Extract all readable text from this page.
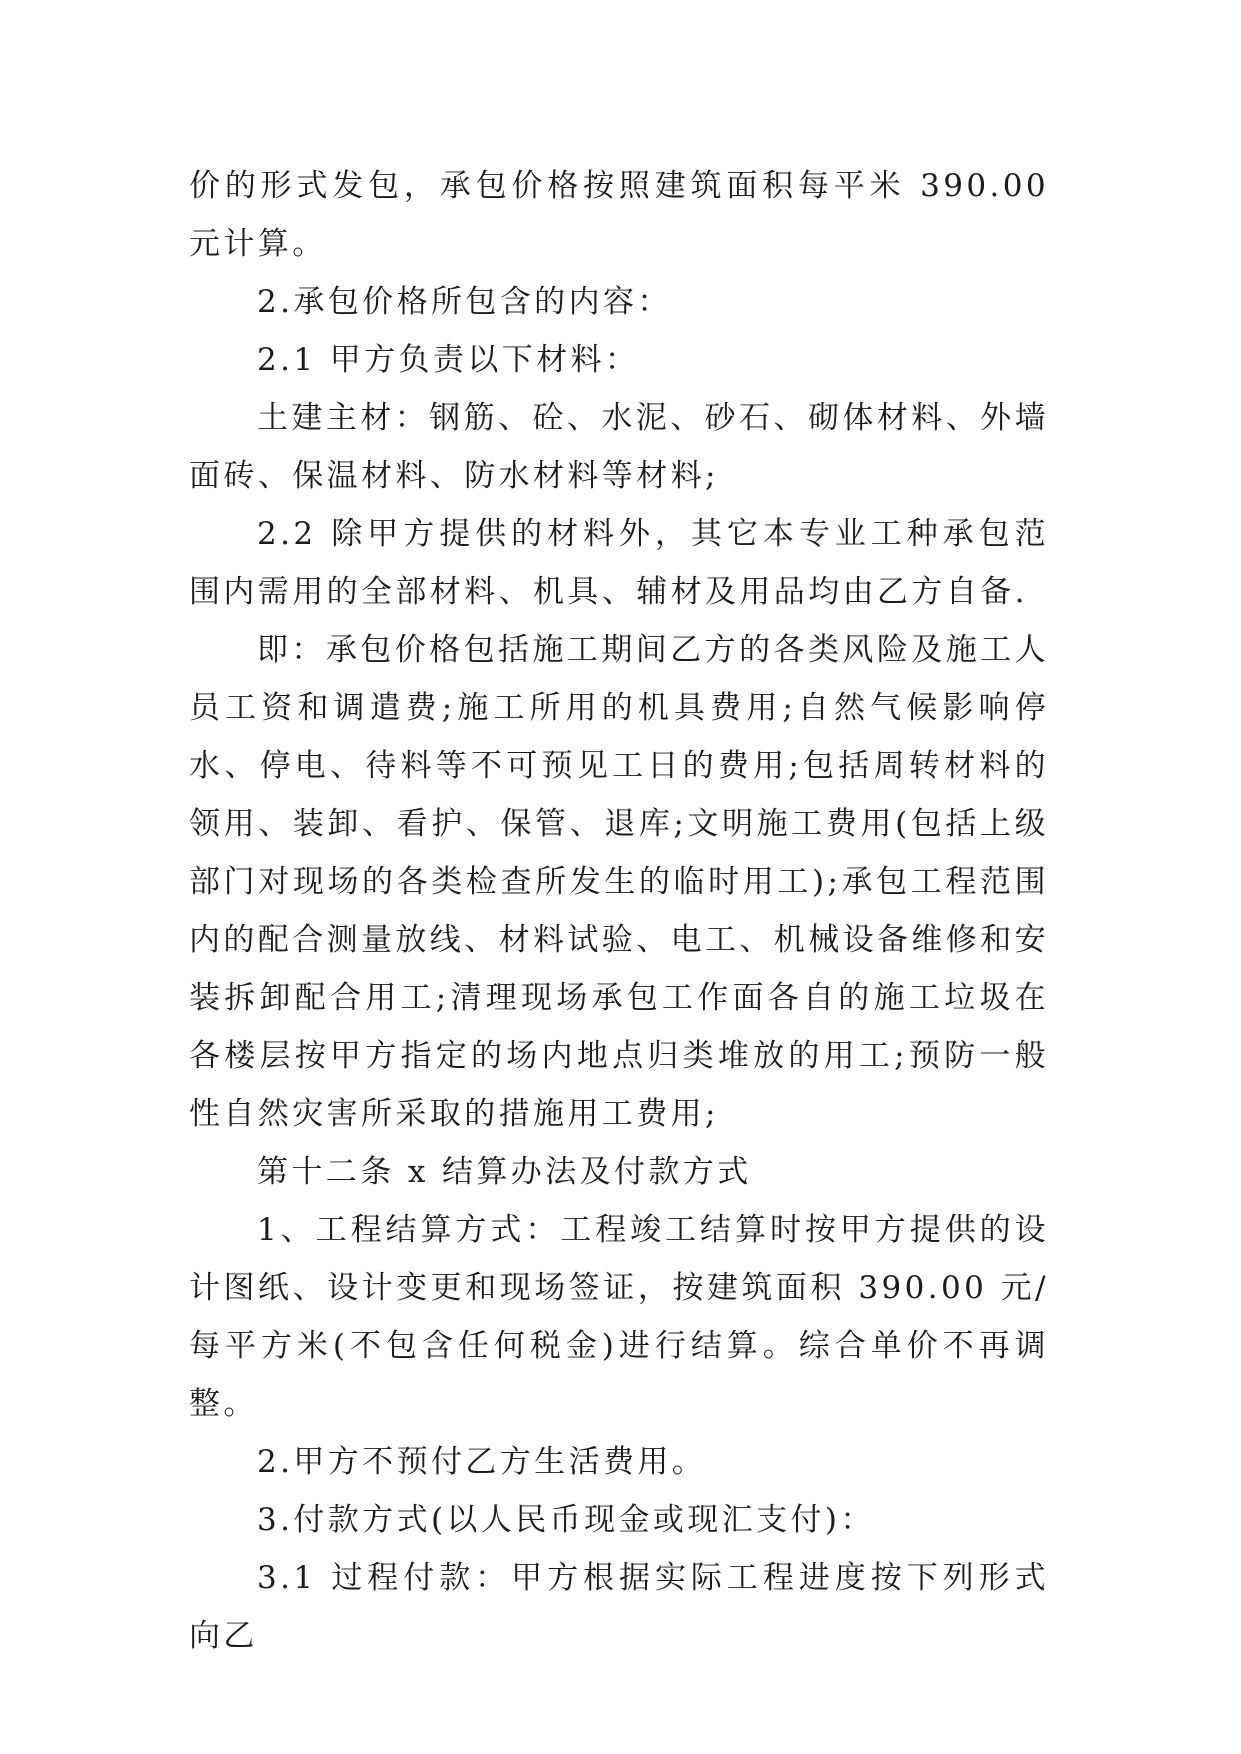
价的形式发包，承包价格按照建筑面积每平米 390.00 元计算。

2.承包价格所包含的内容：

2.1 甲方负责以下材料：

土建主材：钢筋、砼、水泥、砂石、砌体材料、外墙面砖、保温材料、防水材料等材料;

2.2 除甲方提供的材料外，其它本专业工种承包范围内需用的全部材料、机具、辅材及用品均由乙方自备.

即：承包价格包括施工期间乙方的各类风险及施工人员工资和调遣费;施工所用的机具费用;自然气候影响停水、停电、待料等不可预见工日的费用;包括周转材料的领用、装卸、看护、保管、退库;文明施工费用(包括上级部门对现场的各类检查所发生的临时用工);承包工程范围内的配合测量放线、材料试验、电工、机械设备维修和安装拆卸配合用工;清理现场承包工作面各自的施工垃圾在各楼层按甲方指定的场内地点归类堆放的用工;预防一般性自然灾害所采取的措施用工费用;

第十二条 x 结算办法及付款方式

1、工程结算方式：工程竣工结算时按甲方提供的设计图纸、设计变更和现场签证，按建筑面积 390.00 元/每平方米(不包含任何税金)进行结算。综合单价不再调整。

2.甲方不预付乙方生活费用。

3.付款方式(以人民币现金或现汇支付)：

3.1 过程付款：甲方根据实际工程进度按下列形式向乙
